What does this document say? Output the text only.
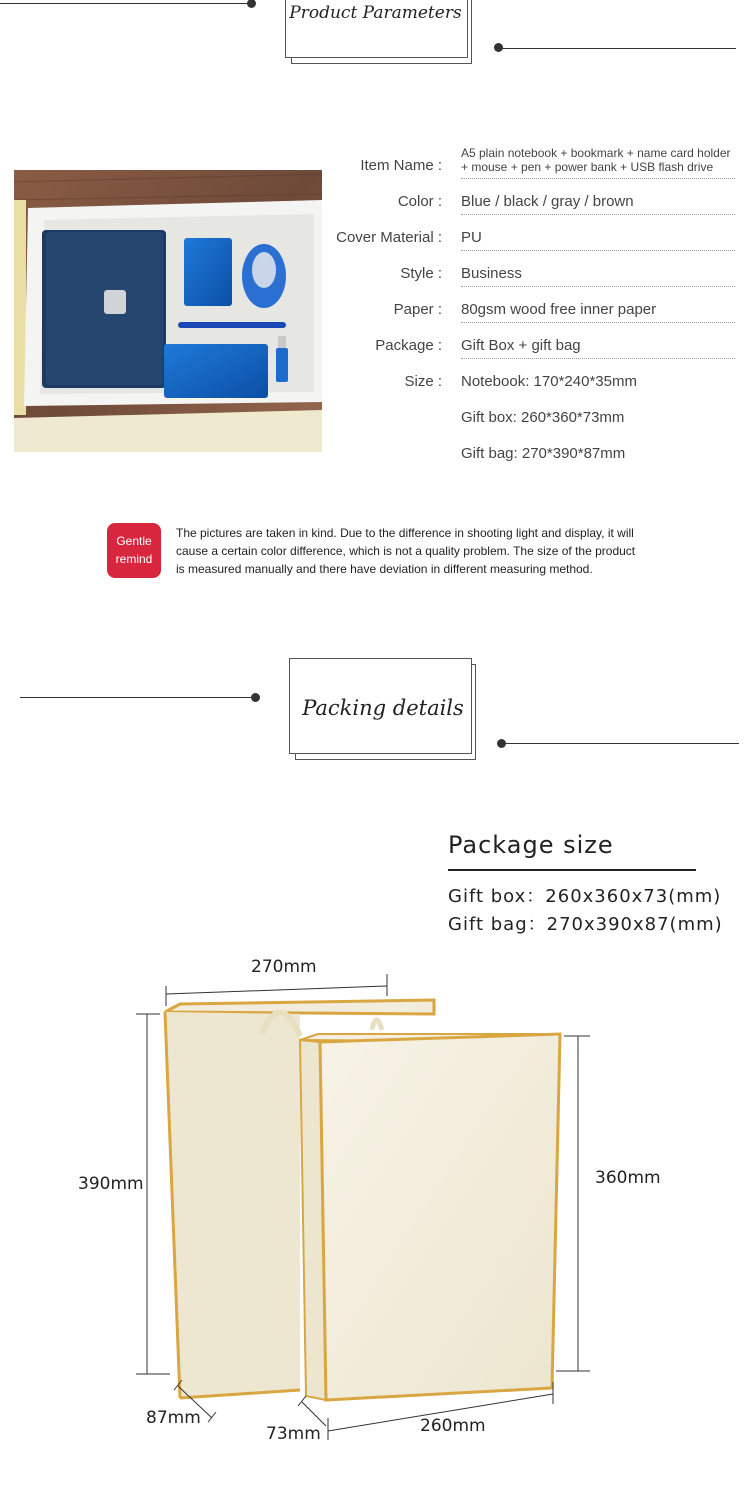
Product Parameters
Item Name :
A5 plain notebook + bookmark + name card holder
+ mouse + pen + power bank + USB flash drive
Color : Blue / black / gray / brown
Cover Material : PU
Style : Business
Paper : 80gsm wood free inner paper
Package : Gift Box + gift bag
Size : Notebook: 170*240*35mm
Gift box: 260*360*73mm
Gift bag: 270*390*87mm
Gentle
remind
The pictures are taken in kind. Due to the difference in shooting light and display, it will
cause a certain color difference, which is not a quality problem. The size of the product
is measured manually and there have deviation in different measuring method.
Packing details
Package size
Gift box：260x360x73(mm)
Gift bag：270x390x87(mm)
270mm
390mm	360mm
87mm
73mm	260mm
